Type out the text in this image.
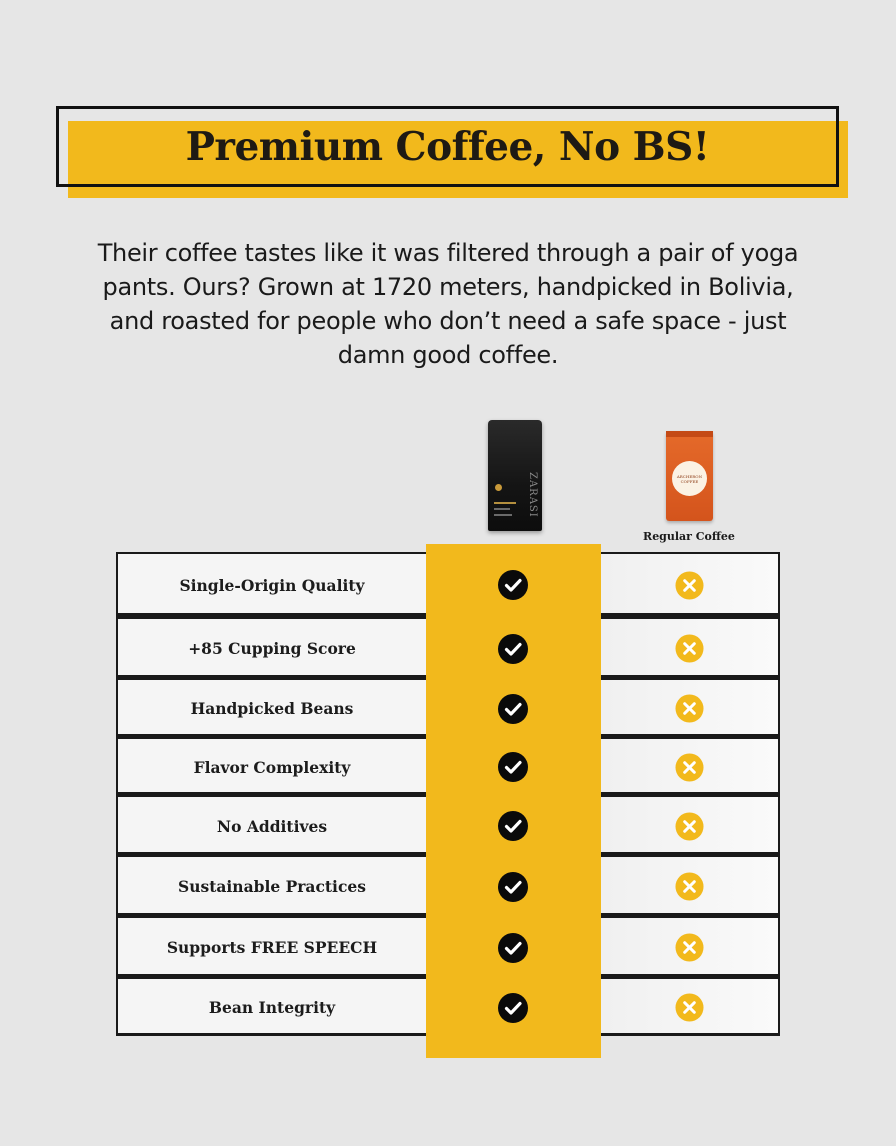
Premium Coffee, No BS!
Their coffee tastes like it was filtered through a pair of yoga pants. Ours? Grown at 1720 meters, handpicked in Bolivia, and roasted for people who don’t need a safe space - just damn good coffee.
ZARASI	ARCHERON COFFEE
Regular Coffee
Single-Origin Quality
+85 Cupping Score
Handpicked Beans
Flavor Complexity
No Additives
Sustainable Practices
Supports FREE SPEECH
Bean Integrity
